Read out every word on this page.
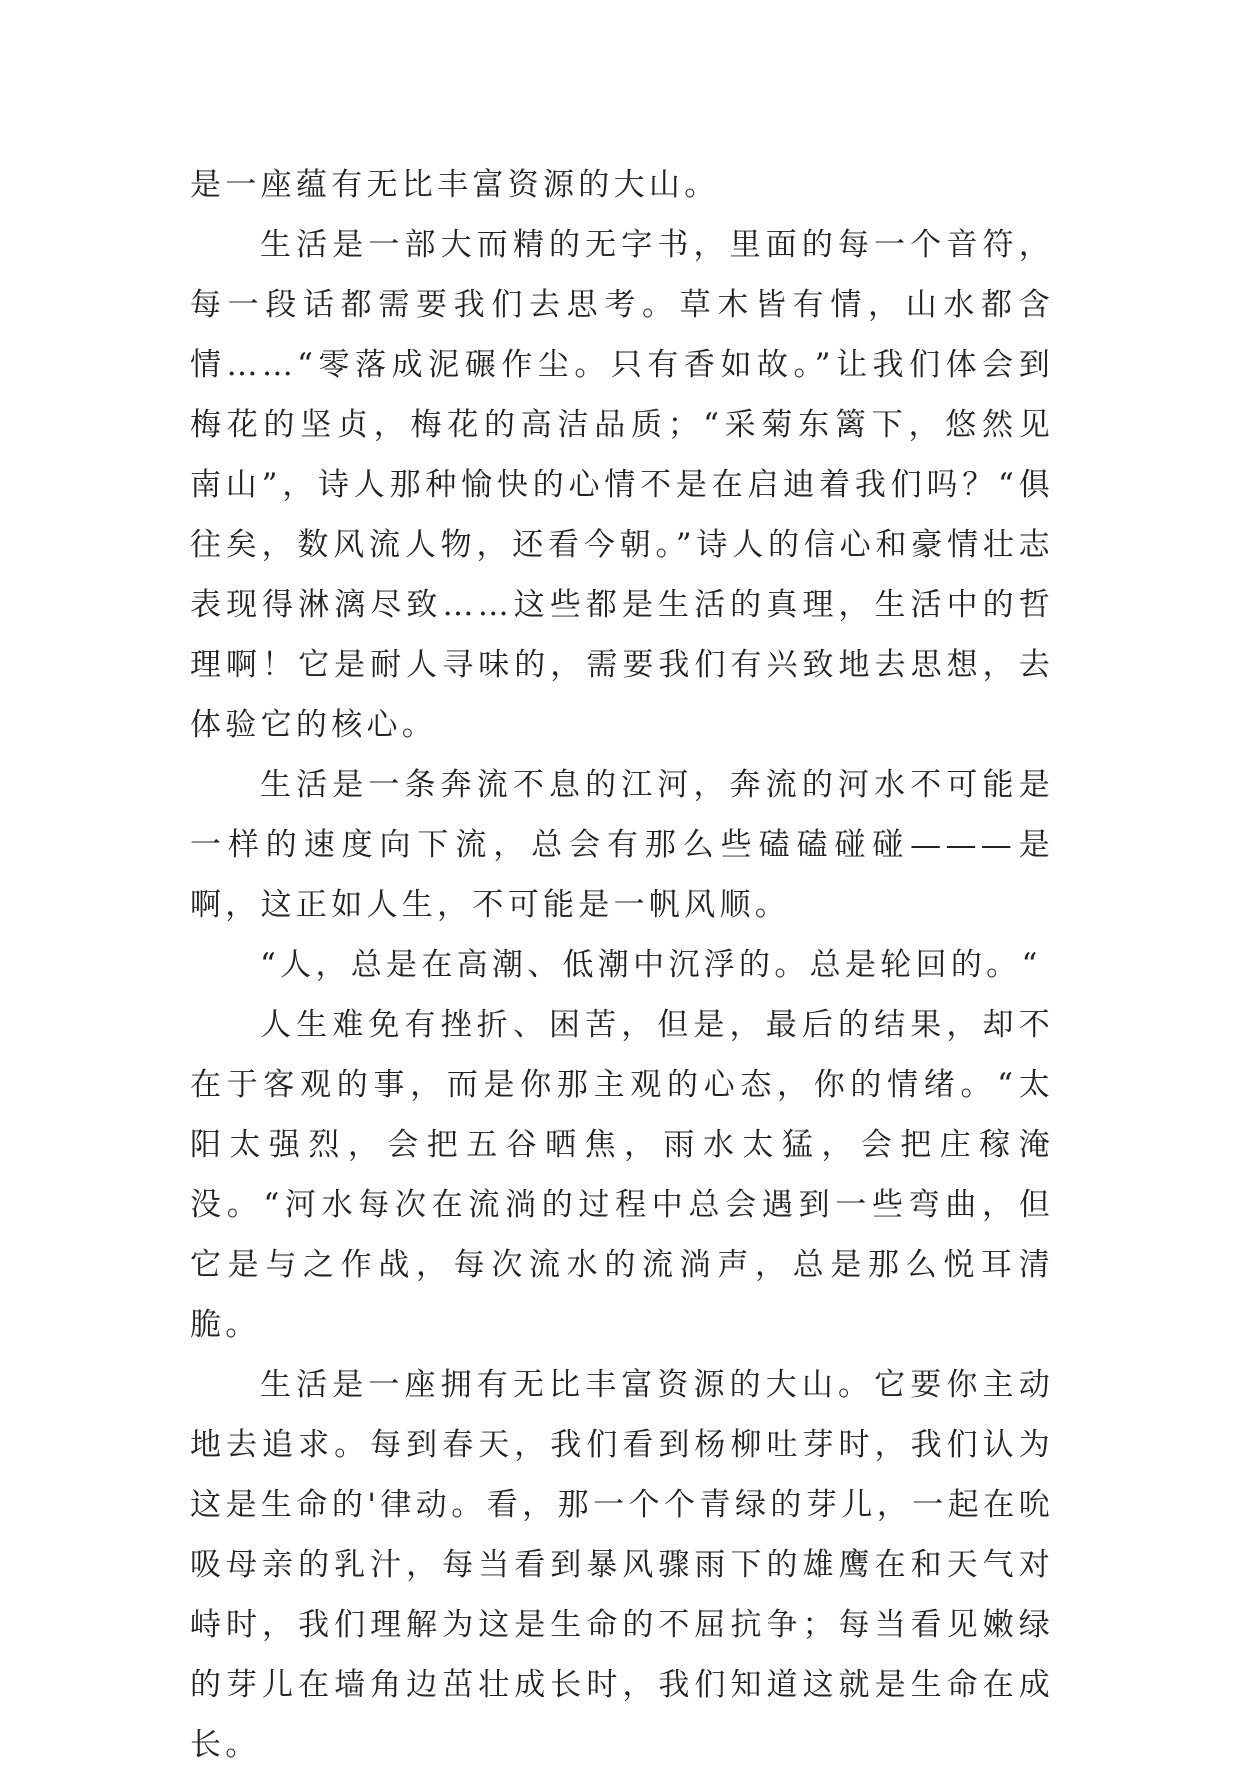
是一座蕴有无比丰富资源的大山。

生活是一部大而精的无字书，里面的每一个音符，每一段话都需要我们去思考。草木皆有情，山水都含情……“零落成泥碾作尘。只有香如故。”让我们体会到梅花的坚贞，梅花的高洁品质；“采菊东篱下，悠然见南山”，诗人那种愉快的心情不是在启迪着我们吗？“俱往矣，数风流人物，还看今朝。”诗人的信心和豪情壮志表现得淋漓尽致……这些都是生活的真理，生活中的哲理啊！它是耐人寻味的，需要我们有兴致地去思想，去体验它的核心。

生活是一条奔流不息的江河，奔流的河水不可能是一样的速度向下流，总会有那么些磕磕碰碰———是啊，这正如人生，不可能是一帆风顺。

“人，总是在高潮、低潮中沉浮的。总是轮回的。“

人生难免有挫折、困苦，但是，最后的结果，却不在于客观的事，而是你那主观的心态，你的情绪。“太阳太强烈，会把五谷晒焦，雨水太猛，会把庄稼淹没。“河水每次在流淌的过程中总会遇到一些弯曲，但它是与之作战，每次流水的流淌声，总是那么悦耳清脆。

生活是一座拥有无比丰富资源的大山。它要你主动地去追求。每到春天，我们看到杨柳吐芽时，我们认为这是生命的'律动。看，那一个个青绿的芽儿，一起在吮吸母亲的乳汁，每当看到暴风骤雨下的雄鹰在和天气对峙时，我们理解为这是生命的不屈抗争；每当看见嫩绿的芽儿在墙角边茁壮成长时，我们知道这就是生命在成长。
